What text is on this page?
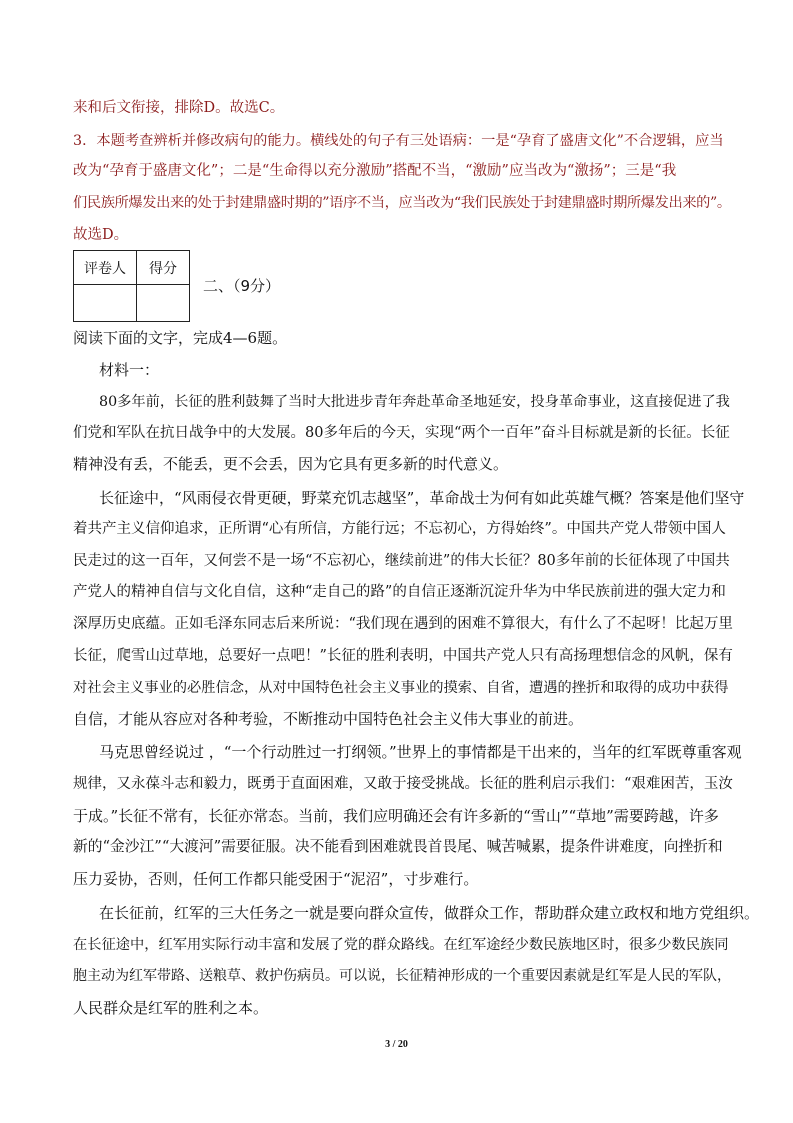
来和后文衔接，排除D。故选C。
3．本题考查辨析并修改病句的能力。横线处的句子有三处语病：一是“孕育了盛唐文化”不合逻辑，应当
改为“孕育于盛唐文化”；二是“生命得以充分激励”搭配不当，“激励”应当改为“激扬”；三是“我
们民族所爆发出来的处于封建鼎盛时期的”语序不当，应当改为“我们民族处于封建鼎盛时期所爆发出来的”。
故选D。
评卷人	得分

二、（9分）
阅读下面的文字，完成4—6题。
材料一：
80多年前，长征的胜利鼓舞了当时大批进步青年奔赴革命圣地延安，投身革命事业，这直接促进了我
们党和军队在抗日战争中的大发展。80多年后的今天，实现“两个一百年”奋斗目标就是新的长征。长征
精神没有丢，不能丢，更不会丢，因为它具有更多新的时代意义。
长征途中，“风雨侵衣骨更硬，野菜充饥志越坚”，革命战士为何有如此英雄气概？答案是他们坚守
着共产主义信仰追求，正所谓“心有所信，方能行远；不忘初心，方得始终”。中国共产党人带领中国人
民走过的这一百年，又何尝不是一场“不忘初心，继续前进”的伟大长征？80多年前的长征体现了中国共
产党人的精神自信与文化自信，这种“走自己的路”的自信正逐渐沉淀升华为中华民族前进的强大定力和
深厚历史底蕴。正如毛泽东同志后来所说：“我们现在遇到的困难不算很大，有什么了不起呀！比起万里
长征，爬雪山过草地，总要好一点吧！”长征的胜利表明，中国共产党人只有高扬理想信念的风帆，保有
对社会主义事业的必胜信念，从对中国特色社会主义事业的摸索、自省，遭遇的挫折和取得的成功中获得
自信，才能从容应对各种考验，不断推动中国特色社会主义伟大事业的前进。
马克思曾经说过 ，“一个行动胜过一打纲领。”世界上的事情都是干出来的，当年的红军既尊重客观
规律，又永葆斗志和毅力，既勇于直面困难，又敢于接受挑战。长征的胜利启示我们：“艰难困苦，玉汝
于成。”长征不常有，长征亦常态。当前，我们应明确还会有许多新的“雪山”“草地”需要跨越，许多
新的“金沙江”“大渡河”需要征服。决不能看到困难就畏首畏尾、喊苦喊累，提条件讲难度，向挫折和
压力妥协，否则，任何工作都只能受困于“泥沼”，寸步难行。
在长征前，红军的三大任务之一就是要向群众宣传，做群众工作，帮助群众建立政权和地方党组织。
在长征途中，红军用实际行动丰富和发展了党的群众路线。在红军途经少数民族地区时，很多少数民族同
胞主动为红军带路、送粮草、救护伤病员。可以说，长征精神形成的一个重要因素就是红军是人民的军队，
人民群众是红军的胜利之本。
3 / 20
